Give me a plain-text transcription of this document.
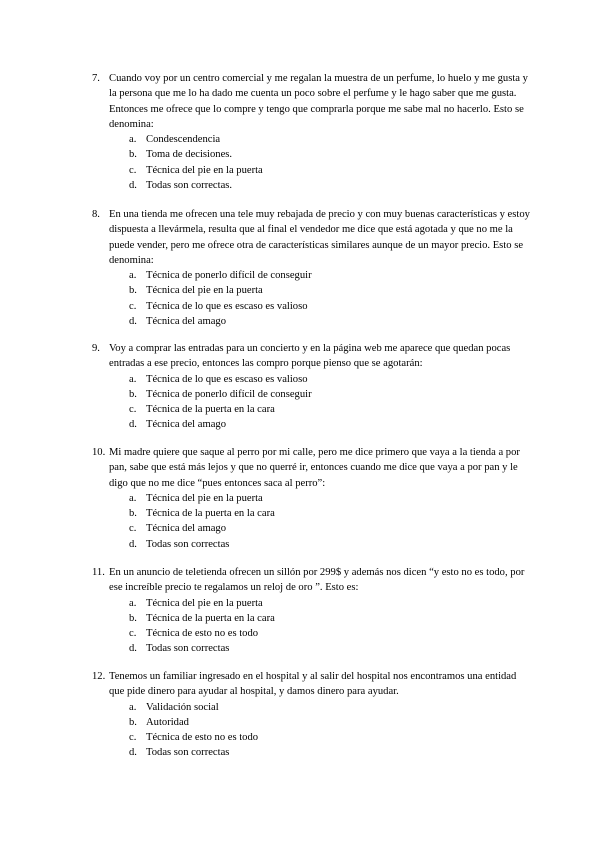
7. Cuando voy por un centro comercial y me regalan la muestra de un perfume, lo huelo y me gusta y la persona que me lo ha dado me cuenta un poco sobre el perfume y le hago saber que me gusta. Entonces me ofrece que lo compre y tengo que comprarla porque me sabe mal no hacerlo. Esto se denomina:
a. Condescendencia
b. Toma de decisiones.
c. Técnica del pie en la puerta
d. Todas son correctas.
8. En una tienda me ofrecen una tele muy rebajada de precio y con muy buenas características y estoy dispuesta a llevármela, resulta que al final el vendedor me dice que está agotada y que no me la puede vender, pero me ofrece otra de características similares aunque de un mayor precio. Esto se denomina:
a. Técnica de ponerlo difícil de conseguir
b. Técnica del pie en la puerta
c. Técnica de lo que es escaso es valioso
d. Técnica del amago
9. Voy a comprar las entradas para un concierto y en la página web me aparece que quedan pocas entradas a ese precio, entonces las compro porque pienso que se agotarán:
a. Técnica de lo que es escaso es valioso
b. Técnica de ponerlo difícil de conseguir
c. Técnica de la puerta en la cara
d. Técnica del amago
10. Mi madre quiere que saque al perro por mi calle, pero me dice primero que vaya a la tienda a por pan, sabe que está más lejos y que no querré ir, entonces cuando me dice que vaya a por pan y le digo que no me dice “pues entonces saca al perro”:
a. Técnica del pie en la puerta
b. Técnica de la puerta en la cara
c. Técnica del amago
d. Todas son correctas
11. En un anuncio de teletienda ofrecen un sillón por 299$ y además nos dicen “y esto no es todo, por ese increíble precio te regalamos un reloj de oro ”. Esto es:
a. Técnica del pie en la puerta
b. Técnica de la puerta en la cara
c. Técnica de esto no es todo
d. Todas son correctas
12. Tenemos un familiar ingresado en el hospital y al salir del hospital nos encontramos una entidad que pide dinero para ayudar al hospital, y damos dinero para ayudar.
a. Validación social
b. Autoridad
c. Técnica de esto no es todo
d. Todas son correctas
